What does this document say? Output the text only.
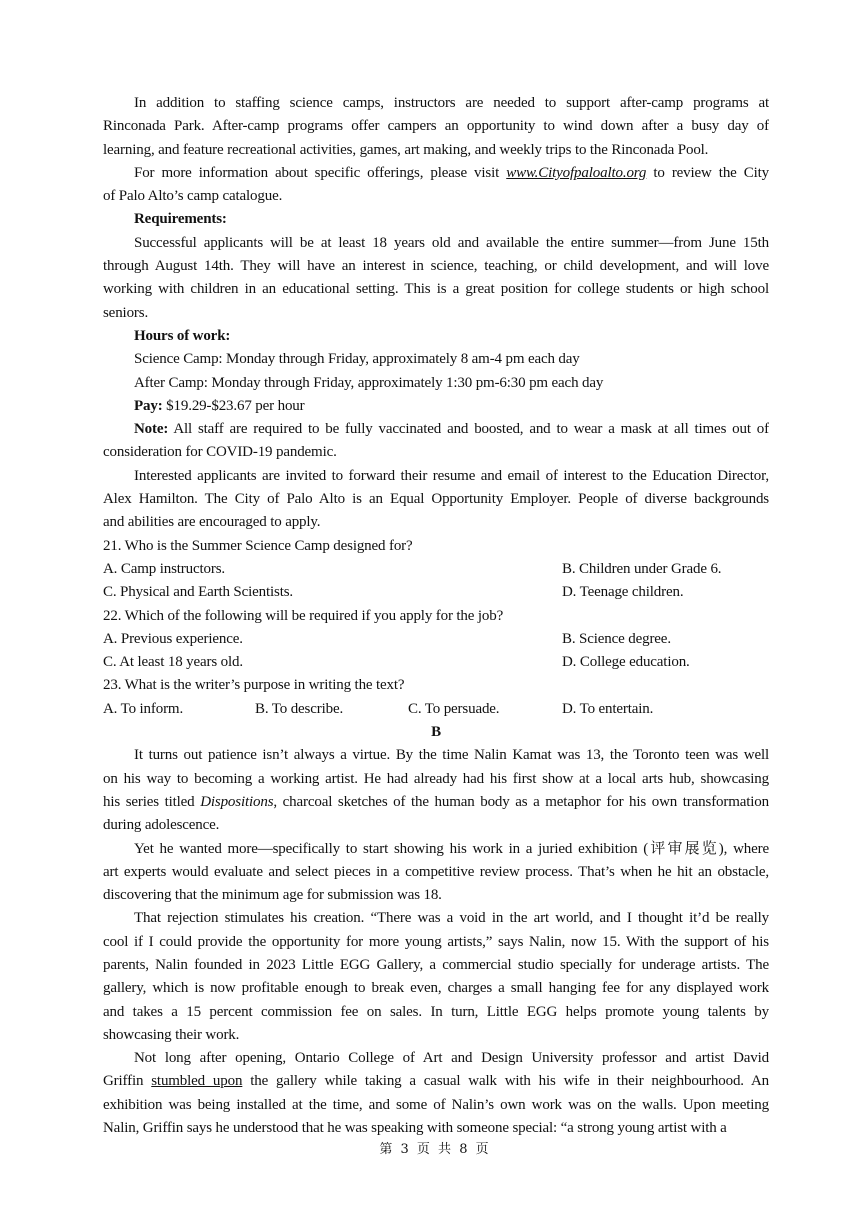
In addition to staffing science camps, instructors are needed to support after-camp programs at
Rinconada Park. After-camp programs offer campers an opportunity to wind down after a busy day of
learning, and feature recreational activities, games, art making, and weekly trips to the Rinconada Pool.
For more information about specific offerings, please visit www.Cityofpaloalto.org to review the City
of Palo Alto’s camp catalogue.
Requirements:
Successful applicants will be at least 18 years old and available the entire summer—from June 15th
through August 14th. They will have an interest in science, teaching, or child development, and will love
working with children in an educational setting. This is a great position for college students or high school
seniors.
Hours of work:
Science Camp: Monday through Friday, approximately 8 am-4 pm each day
After Camp: Monday through Friday, approximately 1:30 pm-6:30 pm each day
Pay: $19.29-$23.67 per hour
Note: All staff are required to be fully vaccinated and boosted, and to wear a mask at all times out of
consideration for COVID-19 pandemic.
Interested applicants are invited to forward their resume and email of interest to the Education Director,
Alex Hamilton. The City of Palo Alto is an Equal Opportunity Employer. People of diverse backgrounds
and abilities are encouraged to apply.
21. Who is the Summer Science Camp designed for?
A. Camp instructors.	B. Children under Grade 6.
C. Physical and Earth Scientists.	D. Teenage children.
22. Which of the following will be required if you apply for the job?
A. Previous experience.	B. Science degree.
C. At least 18 years old.	D. College education.
23. What is the writer’s purpose in writing the text?
A. To inform.	B. To describe.	C. To persuade.	D. To entertain.
B
It turns out patience isn’t always a virtue. By the time Nalin Kamat was 13, the Toronto teen was well
on his way to becoming a working artist. He had already had his first show at a local arts hub, showcasing
his series titled Dispositions, charcoal sketches of the human body as a metaphor for his own transformation
during adolescence.
Yet he wanted more—specifically to start showing his work in a juried exhibition (评审展览), where
art experts would evaluate and select pieces in a competitive review process. That’s when he hit an obstacle,
discovering that the minimum age for submission was 18.
That rejection stimulates his creation. “There was a void in the art world, and I thought it’d be really
cool if I could provide the opportunity for more young artists,” says Nalin, now 15. With the support of his
parents, Nalin founded in 2023 Little EGG Gallery, a commercial studio specially for underage artists. The
gallery, which is now profitable enough to break even, charges a small hanging fee for any displayed work
and takes a 15 percent commission fee on sales. In turn, Little EGG helps promote young talents by
showcasing their work.
Not long after opening, Ontario College of Art and Design University professor and artist David
Griffin stumbled upon the gallery while taking a casual walk with his wife in their neighbourhood. An
exhibition was being installed at the time, and some of Nalin’s own work was on the walls. Upon meeting
Nalin, Griffin says he understood that he was speaking with someone special: “a strong young artist with a
第 3 页 共 8 页
